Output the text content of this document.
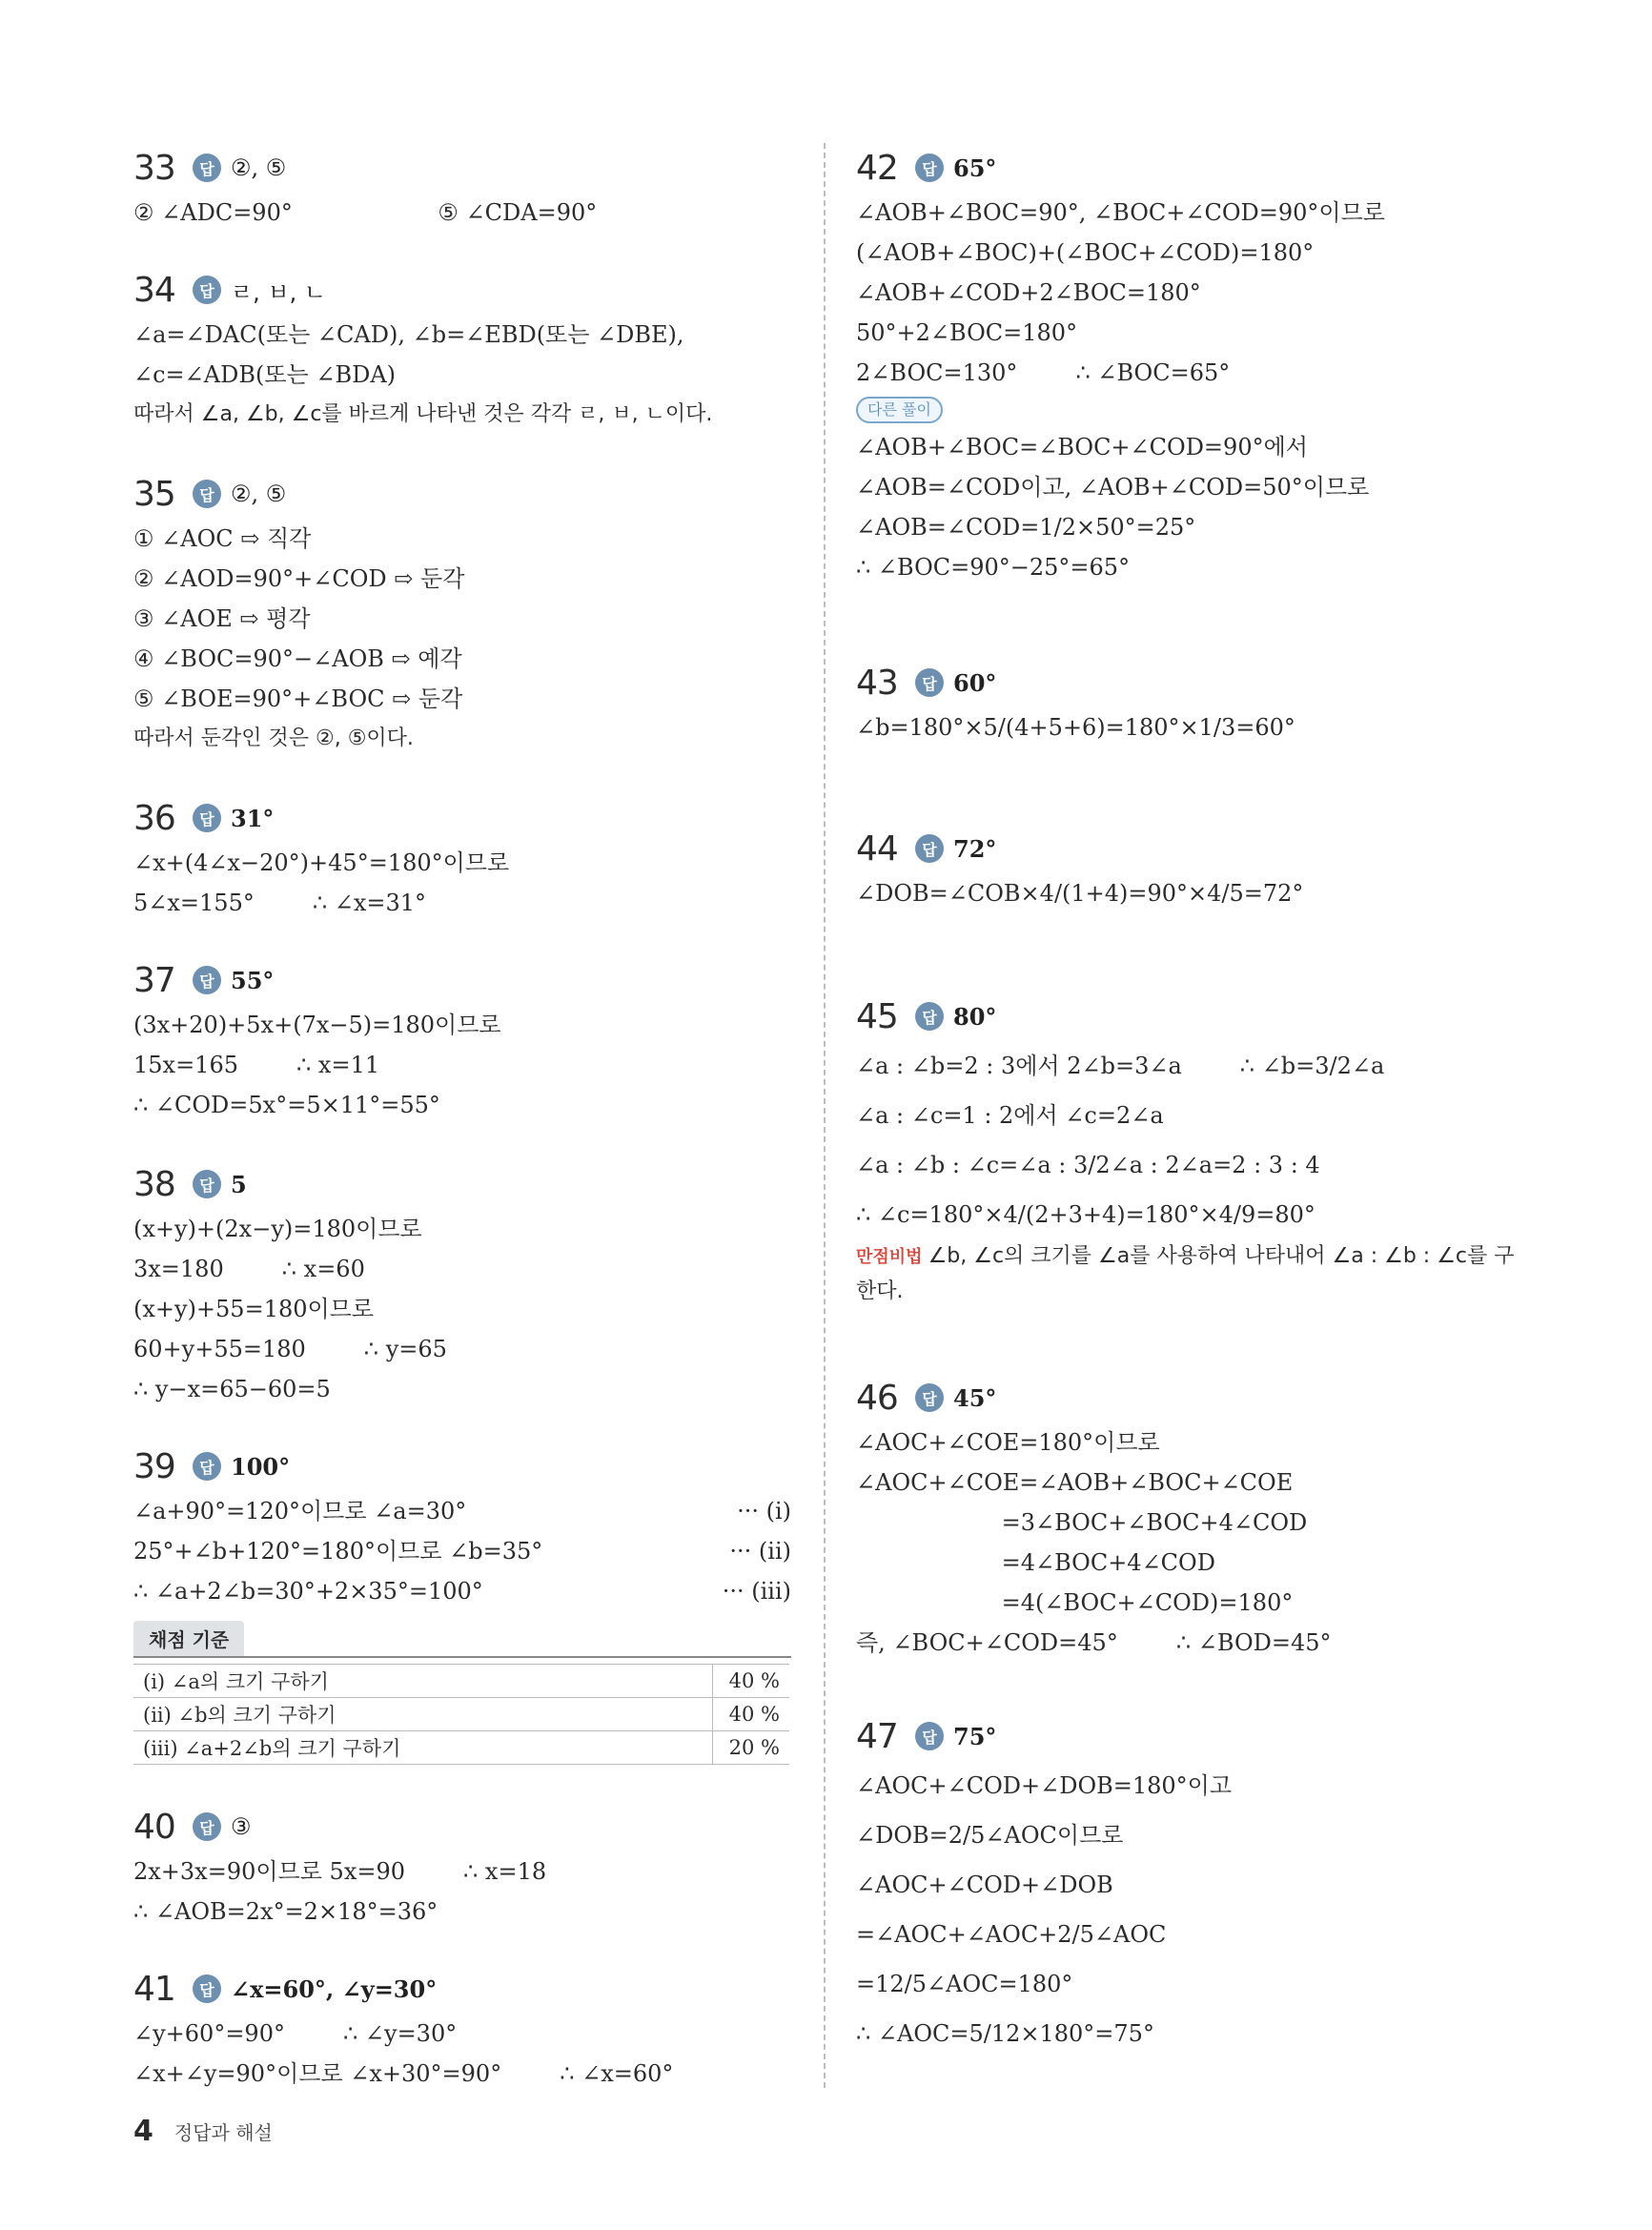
33	답 ②, ⑤
② ∠ADC=90°                    ⑤ ∠CDA=90°
34	답 ㄹ, ㅂ, ㄴ
∠a=∠DAC(또는 ∠CAD), ∠b=∠EBD(또는 ∠DBE),
∠c=∠ADB(또는 ∠BDA)
따라서 ∠a, ∠b, ∠c를 바르게 나타낸 것은 각각 ㄹ, ㅂ, ㄴ이다.
35	답 ②, ⑤
① ∠AOC ⇨ 직각
② ∠AOD=90°+∠COD ⇨ 둔각
③ ∠AOE ⇨ 평각
④ ∠BOC=90°−∠AOB ⇨ 예각
⑤ ∠BOE=90°+∠BOC ⇨ 둔각
따라서 둔각인 것은 ②, ⑤이다.
36	답 31°
∠x+(4∠x−20°)+45°=180°이므로
5∠x=155°        ∴ ∠x=31°
37	답 55°
(3x+20)+5x+(7x−5)=180이므로
15x=165        ∴ x=11
∴ ∠COD=5x°=5×11°=55°
38	답 5
(x+y)+(2x−y)=180이므로
3x=180        ∴ x=60
(x+y)+55=180이므로
60+y+55=180        ∴ y=65
∴ y−x=65−60=5
39	답 100°
∠a+90°=120°이므로 ∠a=30°	··· (i)
25°+∠b+120°=180°이므로 ∠b=35°	··· (ii)
∴ ∠a+2∠b=30°+2×35°=100°	··· (iii)
채점 기준
(i) ∠a의 크기 구하기	40 %
(ii) ∠b의 크기 구하기	40 %
(iii) ∠a+2∠b의 크기 구하기	20 %
40	답 ③
2x+3x=90이므로 5x=90        ∴ x=18
∴ ∠AOB=2x°=2×18°=36°
41	답 ∠x=60°, ∠y=30°
∠y+60°=90°        ∴ ∠y=30°
∠x+∠y=90°이므로 ∠x+30°=90°        ∴ ∠x=60°
42	답 65°
∠AOB+∠BOC=90°, ∠BOC+∠COD=90°이므로
(∠AOB+∠BOC)+(∠BOC+∠COD)=180°
∠AOB+∠COD+2∠BOC=180°
50°+2∠BOC=180°
2∠BOC=130°        ∴ ∠BOC=65°
다른 풀이
∠AOB+∠BOC=∠BOC+∠COD=90°에서
∠AOB=∠COD이고, ∠AOB+∠COD=50°이므로
∠AOB=∠COD=1/2×50°=25°
∴ ∠BOC=90°−25°=65°
43	답 60°
∠b=180°×5/(4+5+6)=180°×1/3=60°
44	답 72°
∠DOB=∠COB×4/(1+4)=90°×4/5=72°
45	답 80°
∠a : ∠b=2 : 3에서 2∠b=3∠a        ∴ ∠b=3/2∠a
∠a : ∠c=1 : 2에서 ∠c=2∠a
∠a : ∠b : ∠c=∠a : 3/2∠a : 2∠a=2 : 3 : 4
∴ ∠c=180°×4/(2+3+4)=180°×4/9=80°
만점비법 ∠b, ∠c의 크기를 ∠a를 사용하여 나타내어 ∠a : ∠b : ∠c를 구한다.
46	답 45°
∠AOC+∠COE=180°이므로
∠AOC+∠COE=∠AOB+∠BOC+∠COE
=3∠BOC+∠BOC+4∠COD
=4∠BOC+4∠COD
=4(∠BOC+∠COD)=180°
즉, ∠BOC+∠COD=45°        ∴ ∠BOD=45°
47	답 75°
∠AOC+∠COD+∠DOB=180°이고
∠DOB=2/5∠AOC이므로
∠AOC+∠COD+∠DOB
=∠AOC+∠AOC+2/5∠AOC
=12/5∠AOC=180°
∴ ∠AOC=5/12×180°=75°
4 정답과 해설
